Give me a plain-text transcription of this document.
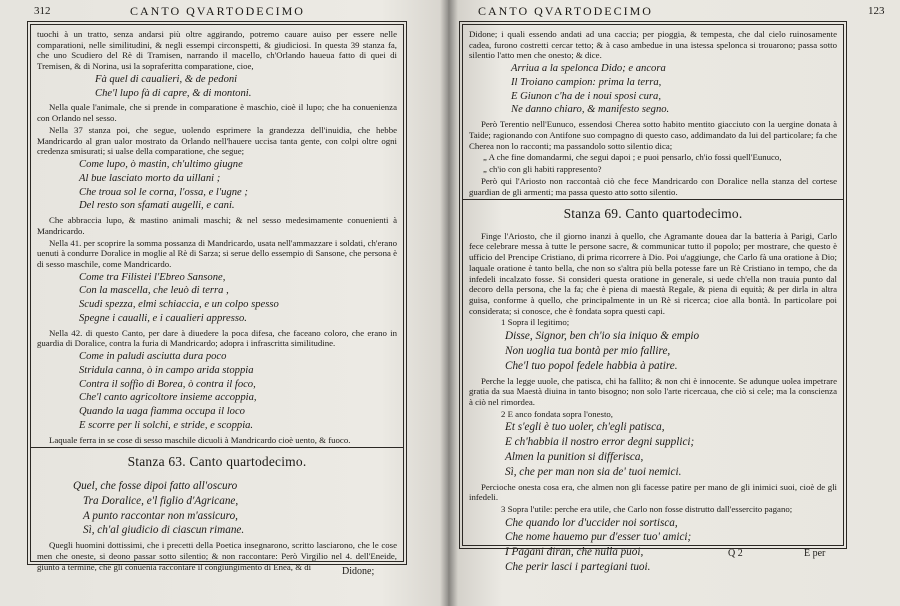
312	CANTO QVARTODECIMO

tuochi à un tratto, senza andarsi più oltre aggirando, potremo cauare auiso per essere nelle comparationi, nelle similitudini, & negli essempi circonspetti, & giudiciosi. In questa 39 stanza fa, che uno Scudiero del Rè di Tramisen, narrando il macello, ch'Orlando haueua fatto di quei di Tremisen, & di Norina, usi la sopraferitta comparatione, cioe,

Fà quel di caualieri, & de pedoni
Che'l lupo fà di capre, & di montoni.

Nella quale l'animale, che si prende in comparatione è maschio, cioè il lupo; che ha conuenienza con Orlando nel sesso.

Nella 37 stanza poi, che segue, uolendo esprimere la grandezza dell'inuidia, che hebbe Mandricardo al gran ualor mostrato da Orlando nell'hauere uccisa tanta gente, con colpi oltre ogni credenza smisurati; si ualse della comparatione, che segue;

Come lupo, ò mastin, ch'ultimo giugne
Al bue lasciato morto da uillani ;
Che troua sol le corna, l'ossa, e l'ugne ;
Del resto son sfamati augelli, e cani.

Che abbraccia lupo, & mastino animali maschi; & nel sesso medesimamente conuenienti à Mandricardo.

Nella 41. per scoprire la somma possanza di Mandricardo, usata nell'ammazzare i soldati, ch'erano uenuti à condurre Doralice in moglie al Rè di Sarza; si serue dello essempio di Sansone, che persona è di sesso maschile, come Mandricardo.

Come tra Filistei l'Ebreo Sansone,
Con la mascella, che leuò di terra ,
Scudi spezza, elmi schiaccia, e un colpo spesso
Spegne i caualli, e i caualieri appresso.

Nella 42. di questo Canto, per dare à diuedere la poca difesa, che faceano coloro, che erano in guardia di Doralice, contra la furia di Mandricardo; adopra i infrascritta similitudine.

Come in paludi asciutta dura poco
Stridula canna, ò in campo arida stoppia
Contra il soffio di Borea, ò contra il foco,
Che'l canto agricoltore insieme accoppia,
Quando la uaga fiamma occupa il loco
E scorre per li solchi, e stride, e scoppia.

Laquale ferra in se cose di sesso maschile dicuoli à Mandricardo cioè uento, & fuoco.

Stanza 63. Canto quartodecimo.
Quel, che fosse dipoi fatto all'oscuro
Tra Doralice, e'l figlio d'Agricane,
A punto raccontar non m'assicuro,
Sì, ch'al giudicio di ciascun rimane.

Quegli huomini dottissimi, che i precetti della Poetica insegnarono, scritto lasciarono, che le cose men che oneste, si deono passar sotto silentio; & non raccontare: Però Virgilio nel 4. dell'Eneide, giunto à termine, che gli conuenia raccontare il congiungimento di Enea, & di	Didone;
CANTO QVARTODECIMO	123

Didone; i quali essendo andati ad una caccia; per pioggia, & tempesta, che dal cielo ruinosamente cadea, furono costretti cercar tetto; & à caso ambedue in una istessa spelonca si trouarono; passa sotto silentio l'atto men che onesto; & dice.

Arriua a la spelonca Dido; e ancora
Il Troiano campion: prima la terra,
E Giunon c'ha de i noui sposi cura,
Ne danno chiaro, & manifesto segno.

Però Terentio nell'Eunuco, essendosi Cherea sotto habito mentito giacciuto con la uergine donata à Taide; ragionando con Antifone suo compagno di questo caso, addimandato da lui del particolare; fa che Cherea non lo racconti; ma passandolo sotto silentio dica;

„ A che fine domandarmi, che segui dapoi ; e puoi pensarlo, ch'io fossi quell'Eunuco,

„ ch'io con gli habiti rappresento?

Però qui l'Ariosto non raccontaà ciò che fece Mandricardo con Doralice nella stanza del cortese guardian de gli armenti; ma passa questo atto sotto silentio.

Stanza 69. Canto quartodecimo.

Finge l'Ariosto, che il giorno inanzi à quello, che Agramante douea dar la batteria à Parigi, Carlo fece celebrare messa à tutte le persone sacre, & communicar tutto il popolo; per mostrare, che questo è ufficio del Prencipe Cristiano, di prima ricorrere à Dio. Poi u'aggiunge, che Carlo fà una oratione à Dio; laquale oratione è tanto bella, che non so s'altra più bella potesse fare un Rè Cristiano in tempo, che da infedeli incalzato fosse. Si consideri questa oratione in generale, si uede ch'ella non trauia punto dal decoro della persona, che la fa; che è piena di maestà Regale, & piena di equità; & per dirla in altra guisa, conforme à quello, che principalmente in un Rè si ricerca; cioe alla bontà. In particolare poi considerata; si conosce, che è fondata sopra questi capi.

1 Sopra il legitimo;

Disse, Signor, ben ch'io sia iniquo & empio
Non uoglia tua bontà per mio fallire,
Che'l tuo popol fedele habbia à patire.

Perche la legge uuole, che patisca, chi ha fallito; & non chi è innocente. Se adunque uolea impetrare gratia da sua Maestà diuina in tanto bisogno; non solo l'arte ricercaua, che ciò si cele; ma la conscienza à ciò nel rimordea.

2 E anco fondata sopra l'onesto,

Et s'egli è tuo uoler, ch'egli patisca,
E ch'habbia il nostro error degni supplici;
Almen la punition si differisca,
Sì, che per man non sia de' tuoi nemici.

Percioche onesta cosa era, che almen non gli facesse patire per mano de gli inimici suoi, cioè de gli infedeli.

3 Sopra l'utile: perche era utile, che Carlo non fosse distrutto dall'essercito pagano;

Che quando lor d'uccider noi sortisca,
Che nome hauemo pur d'esser tuo' amici;
I Pagani diran, che nulla puoi,
Che perir lasci i partegiani tuoi.
Q 2	E per
